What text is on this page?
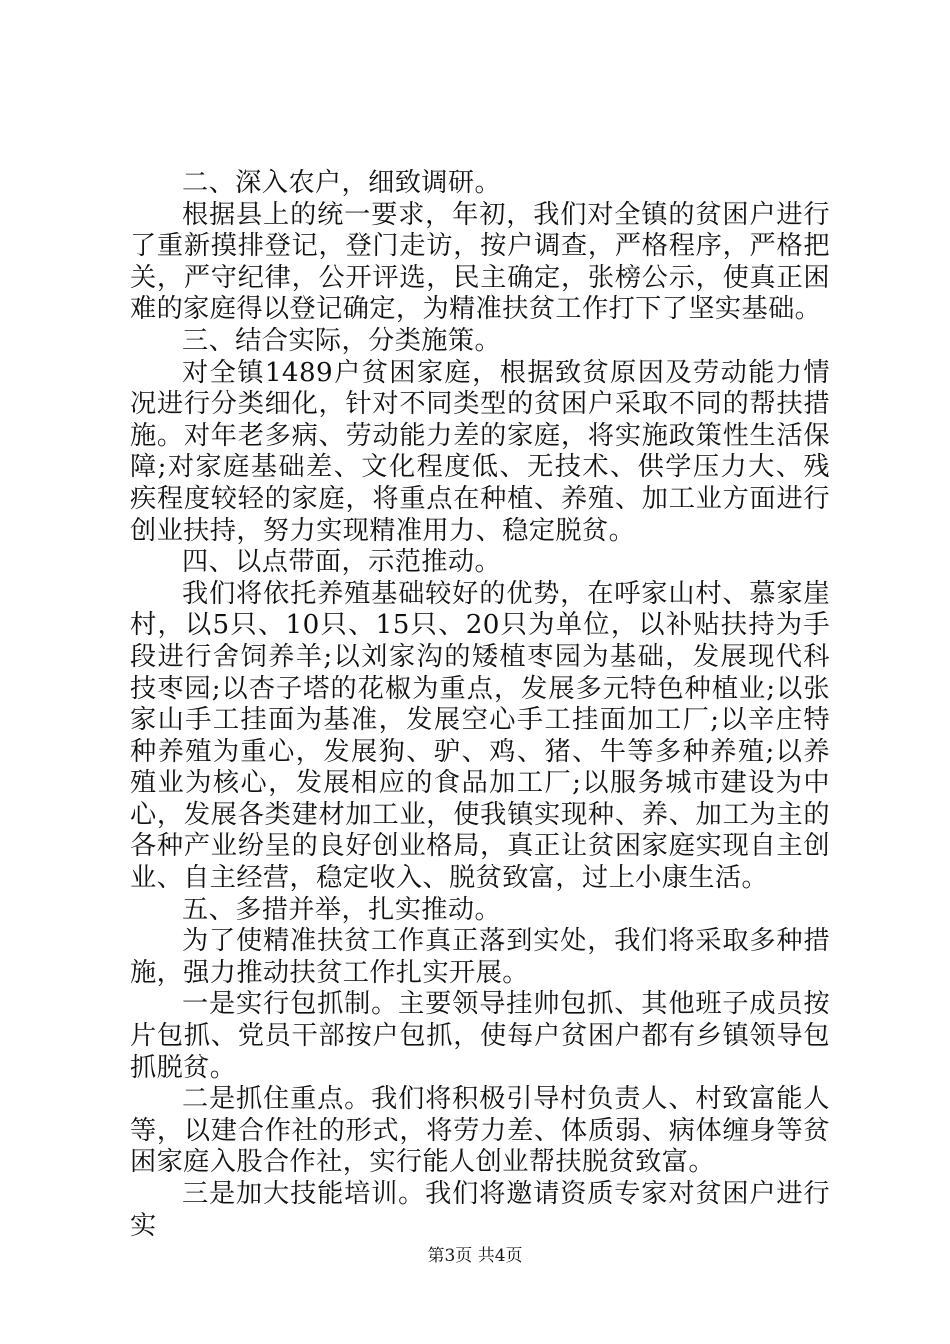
二、深入农户，细致调研。

根据县上的统一要求，年初，我们对全镇的贫困户进行了重新摸排登记，登门走访，按户调查，严格程序，严格把关，严守纪律，公开评选，民主确定，张榜公示，使真正困难的家庭得以登记确定，为精准扶贫工作打下了坚实基础。

三、结合实际，分类施策。

对全镇1489户贫困家庭，根据致贫原因及劳动能力情况进行分类细化，针对不同类型的贫困户采取不同的帮扶措施。对年老多病、劳动能力差的家庭，将实施政策性生活保障;对家庭基础差、文化程度低、无技术、供学压力大、残疾程度较轻的家庭，将重点在种植、养殖、加工业方面进行创业扶持，努力实现精准用力、稳定脱贫。

四、以点带面，示范推动。

我们将依托养殖基础较好的优势，在呼家山村、慕家崖村，以5只、10只、15只、20只为单位，以补贴扶持为手段进行舍饲养羊;以刘家沟的矮植枣园为基础，发展现代科技枣园;以杏子塔的花椒为重点，发展多元特色种植业;以张家山手工挂面为基准，发展空心手工挂面加工厂;以辛庄特种养殖为重心，发展狗、驴、鸡、猪、牛等多种养殖;以养殖业为核心，发展相应的食品加工厂;以服务城市建设为中心，发展各类建材加工业，使我镇实现种、养、加工为主的各种产业纷呈的良好创业格局，真正让贫困家庭实现自主创业、自主经营，稳定收入、脱贫致富，过上小康生活。

五、多措并举，扎实推动。

为了使精准扶贫工作真正落到实处，我们将采取多种措施，强力推动扶贫工作扎实开展。

一是实行包抓制。主要领导挂帅包抓、其他班子成员按片包抓、党员干部按户包抓，使每户贫困户都有乡镇领导包抓脱贫。

二是抓住重点。我们将积极引导村负责人、村致富能人等，以建合作社的形式，将劳力差、体质弱、病体缠身等贫困家庭入股合作社，实行能人创业帮扶脱贫致富。

三是加大技能培训。我们将邀请资质专家对贫困户进行实

第3页 共4页
